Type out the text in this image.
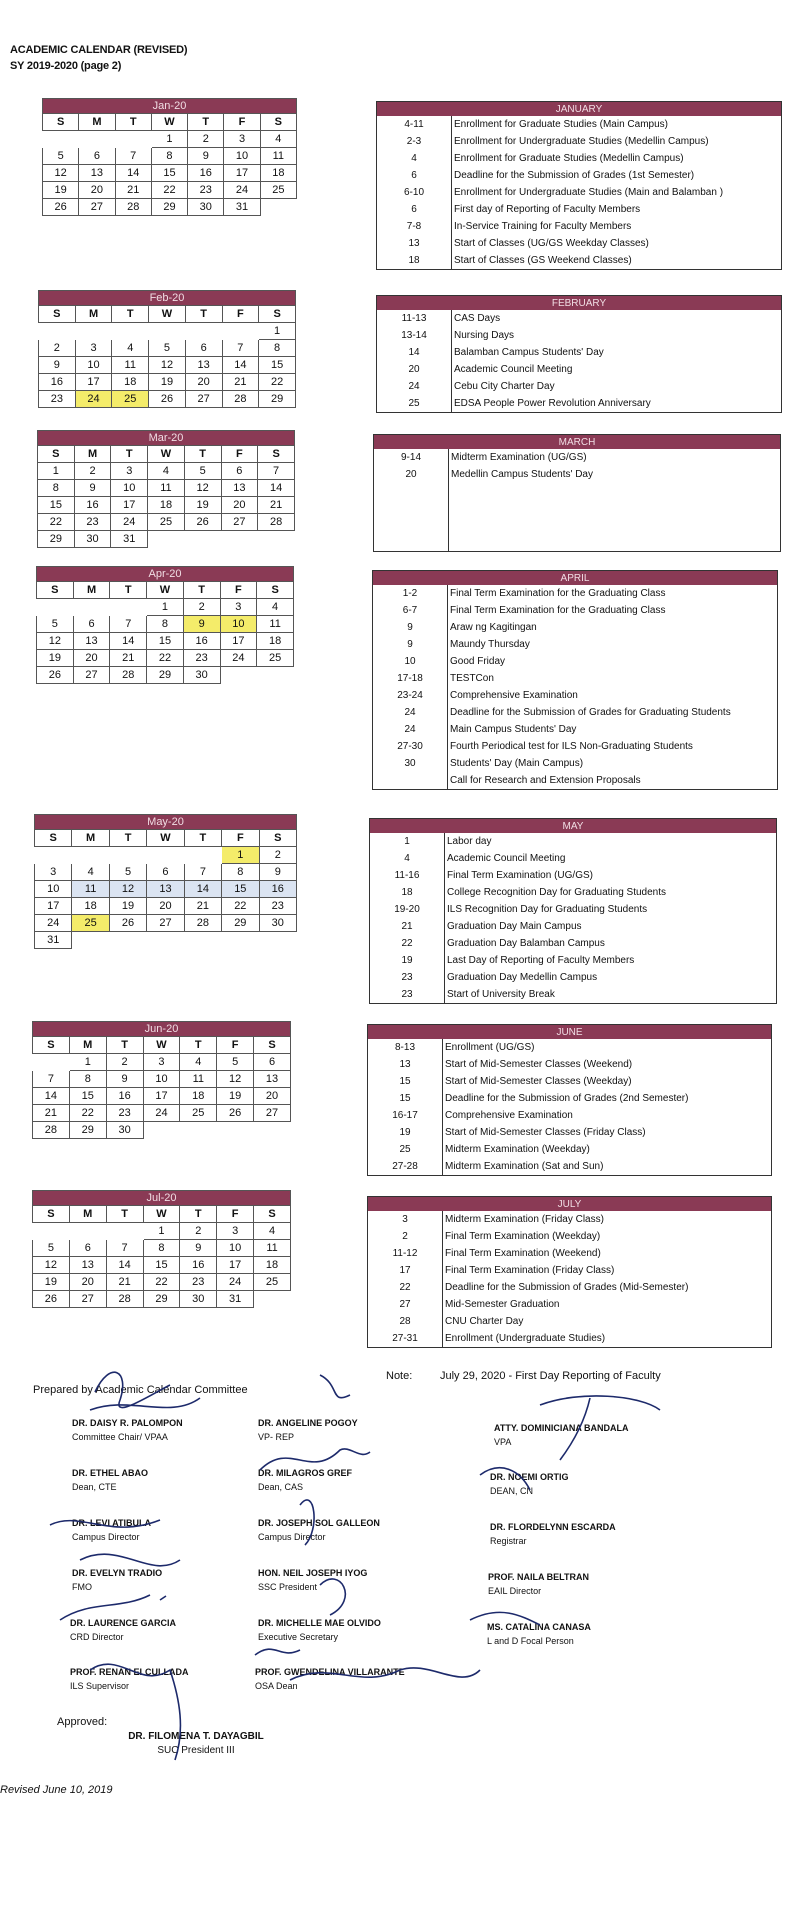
ACADEMIC CALENDAR (REVISED)
SY 2019-2020 (page 2)
Jan-20						
S	M	T	W	T	F	S
			1	2	3	4
5	6	7	8	9	10	11
12	13	14	15	16	17	18
19	20	21	22	23	24	25
26	27	28	29	30	31	
Feb-20						
S	M	T	W	T	F	S
						1
2	3	4	5	6	7	8
9	10	11	12	13	14	15
16	17	18	19	20	21	22
23	24	25	26	27	28	29
Mar-20						
S	M	T	W	T	F	S
1	2	3	4	5	6	7
8	9	10	11	12	13	14
15	16	17	18	19	20	21
22	23	24	25	26	27	28
29	30	31				
Apr-20						
S	M	T	W	T	F	S
			1	2	3	4
5	6	7	8	9	10	11
12	13	14	15	16	17	18
19	20	21	22	23	24	25
26	27	28	29	30		
May-20						
S	M	T	W	T	F	S
					1	2
3	4	5	6	7	8	9
10	11	12	13	14	15	16
17	18	19	20	21	22	23
24	25	26	27	28	29	30
31						
Jun-20						
S	M	T	W	T	F	S
	1	2	3	4	5	6
7	8	9	10	11	12	13
14	15	16	17	18	19	20
21	22	23	24	25	26	27
28	29	30				
Jul-20						
S	M	T	W	T	F	S
			1	2	3	4
5	6	7	8	9	10	11
12	13	14	15	16	17	18
19	20	21	22	23	24	25
26	27	28	29	30	31	
JANUARY	
4-11	Enrollment for Graduate Studies (Main Campus)
2-3	Enrollment for Undergraduate Studies (Medellin Campus)
4	Enrollment for Graduate Studies (Medellin Campus)
6	Deadline for the Submission of Grades (1st Semester)
6-10	Enrollment for Undergraduate Studies (Main and Balamban )
6	First day of Reporting of Faculty Members
7-8	In-Service Training for Faculty Members
13	Start of Classes (UG/GS Weekday Classes)
18	Start of Classes (GS Weekend Classes)
FEBRUARY	
11-13	CAS Days
13-14	Nursing Days
14	Balamban Campus Students' Day
20	Academic Council Meeting
24	Cebu City Charter Day
25	EDSA People Power Revolution Anniversary
MARCH	
9-14	Midterm Examination (UG/GS)
20	Medellin Campus Students' Day

APRIL	
1-2	Final Term Examination for the Graduating Class
6-7	Final Term Examination for the Graduating Class
9	Araw ng Kagitingan
9	Maundy Thursday
10	Good Friday
17-18	TESTCon
23-24	Comprehensive Examination
24	Deadline for the Submission of Grades for Graduating Students
24	Main Campus Students' Day
27-30	Fourth Periodical test for ILS Non-Graduating Students
30	Students' Day (Main Campus)
	Call for Research and Extension Proposals
MAY	
1	Labor day
4	Academic Council Meeting
11-16	Final Term Examination (UG/GS)
18	College Recognition Day for Graduating Students
19-20	ILS Recognition Day for Graduating Students
21	Graduation Day Main Campus
22	Graduation Day Balamban Campus
19	Last Day of Reporting of Faculty Members
23	Graduation Day Medellin Campus
23	Start of University Break
JUNE	
8-13	Enrollment (UG/GS)
13	Start of Mid-Semester Classes (Weekend)
15	Start of Mid-Semester Classes (Weekday)
15	Deadline for the Submission of Grades (2nd Semester)
16-17	Comprehensive Examination
19	Start of Mid-Semester Classes (Friday Class)
25	Midterm Examination (Weekday)
27-28	Midterm Examination (Sat and Sun)
JULY	
3	Midterm Examination (Friday Class)
2	Final Term Examination (Weekday)
11-12	Final Term Examination (Weekend)
17	Final Term Examination (Friday Class)
22	Deadline for the Submission of Grades (Mid-Semester)
27	Mid-Semester Graduation
28	CNU Charter Day
27-31	Enrollment (Undergraduate Studies)
Note:	July 29, 2020 - First Day Reporting of Faculty
Prepared by Academic Calendar Committee
DR. DAISY R. PALOMPON
Committee Chair/ VPAA
DR. ETHEL ABAO
Dean, CTE
DR. LEVI ATIBULA
Campus Director
DR. EVELYN TRADIO
FMO
DR. LAURENCE GARCIA
CRD Director
PROF. RENAN ELCULLADA
ILS Supervisor
DR. ANGELINE POGOY
VP- REP
DR. MILAGROS GREF
Dean, CAS
DR. JOSEPH SOL GALLEON
Campus Director
HON. NEIL JOSEPH IYOG
SSC President
DR. MICHELLE MAE OLVIDO
Executive Secretary
PROF. GWENDELINA VILLARANTE
OSA Dean
ATTY. DOMINICIANA BANDALA
VPA
DR. NOEMI ORTIG
DEAN, CN
DR. FLORDELYNN ESCARDA
Registrar
PROF. NAILA BELTRAN
EAIL Director
MS. CATALINA CANASA
L and D Focal Person
Approved:
DR. FILOMENA T. DAYAGBIL
SUC President III
Revised June 10, 2019
